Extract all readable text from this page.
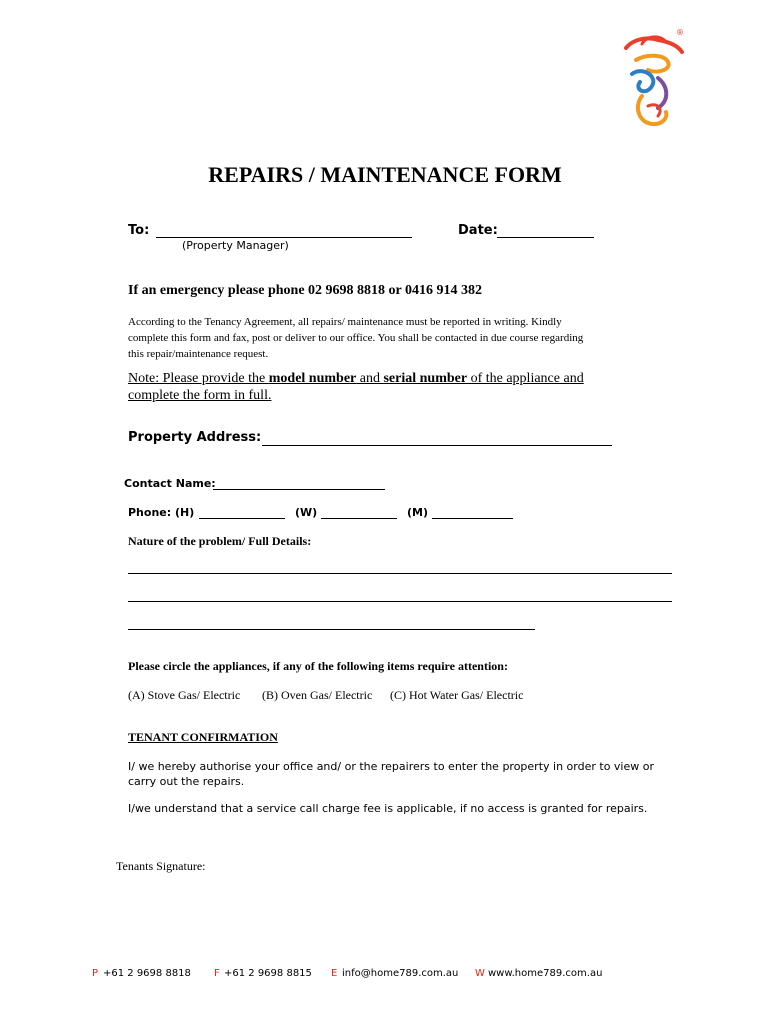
®
REPAIRS / MAINTENANCE FORM
To:
(Property Manager)
Date:
If an emergency please phone 02 9698 8818 or 0416 914 382
According to the Tenancy Agreement, all repairs/ maintenance must be reported in writing. Kindly
complete this form and fax, post or deliver to our office. You shall be contacted in due course regarding
this repair/maintenance request.
Note: Please provide the model number and serial number of the appliance and
complete the form in full.
Property Address:
Contact Name:
Phone: (H)	(W)	(M)
Nature of the problem/ Full Details:
Please circle the appliances, if any of the following items require attention:
(A) Stove Gas/ Electric (B) Oven Gas/ Electric (C) Hot Water Gas/ Electric
TENANT CONFIRMATION
I/ we hereby authorise your office and/ or the repairers to enter the property in order to view or
carry out the repairs.
I/we understand that a service call charge fee is applicable, if no access is granted for repairs.
Tenants Signature:
P +61 2 9698 8818 F +61 2 9698 8815 E info@home789.com.au W www.home789.com.au
